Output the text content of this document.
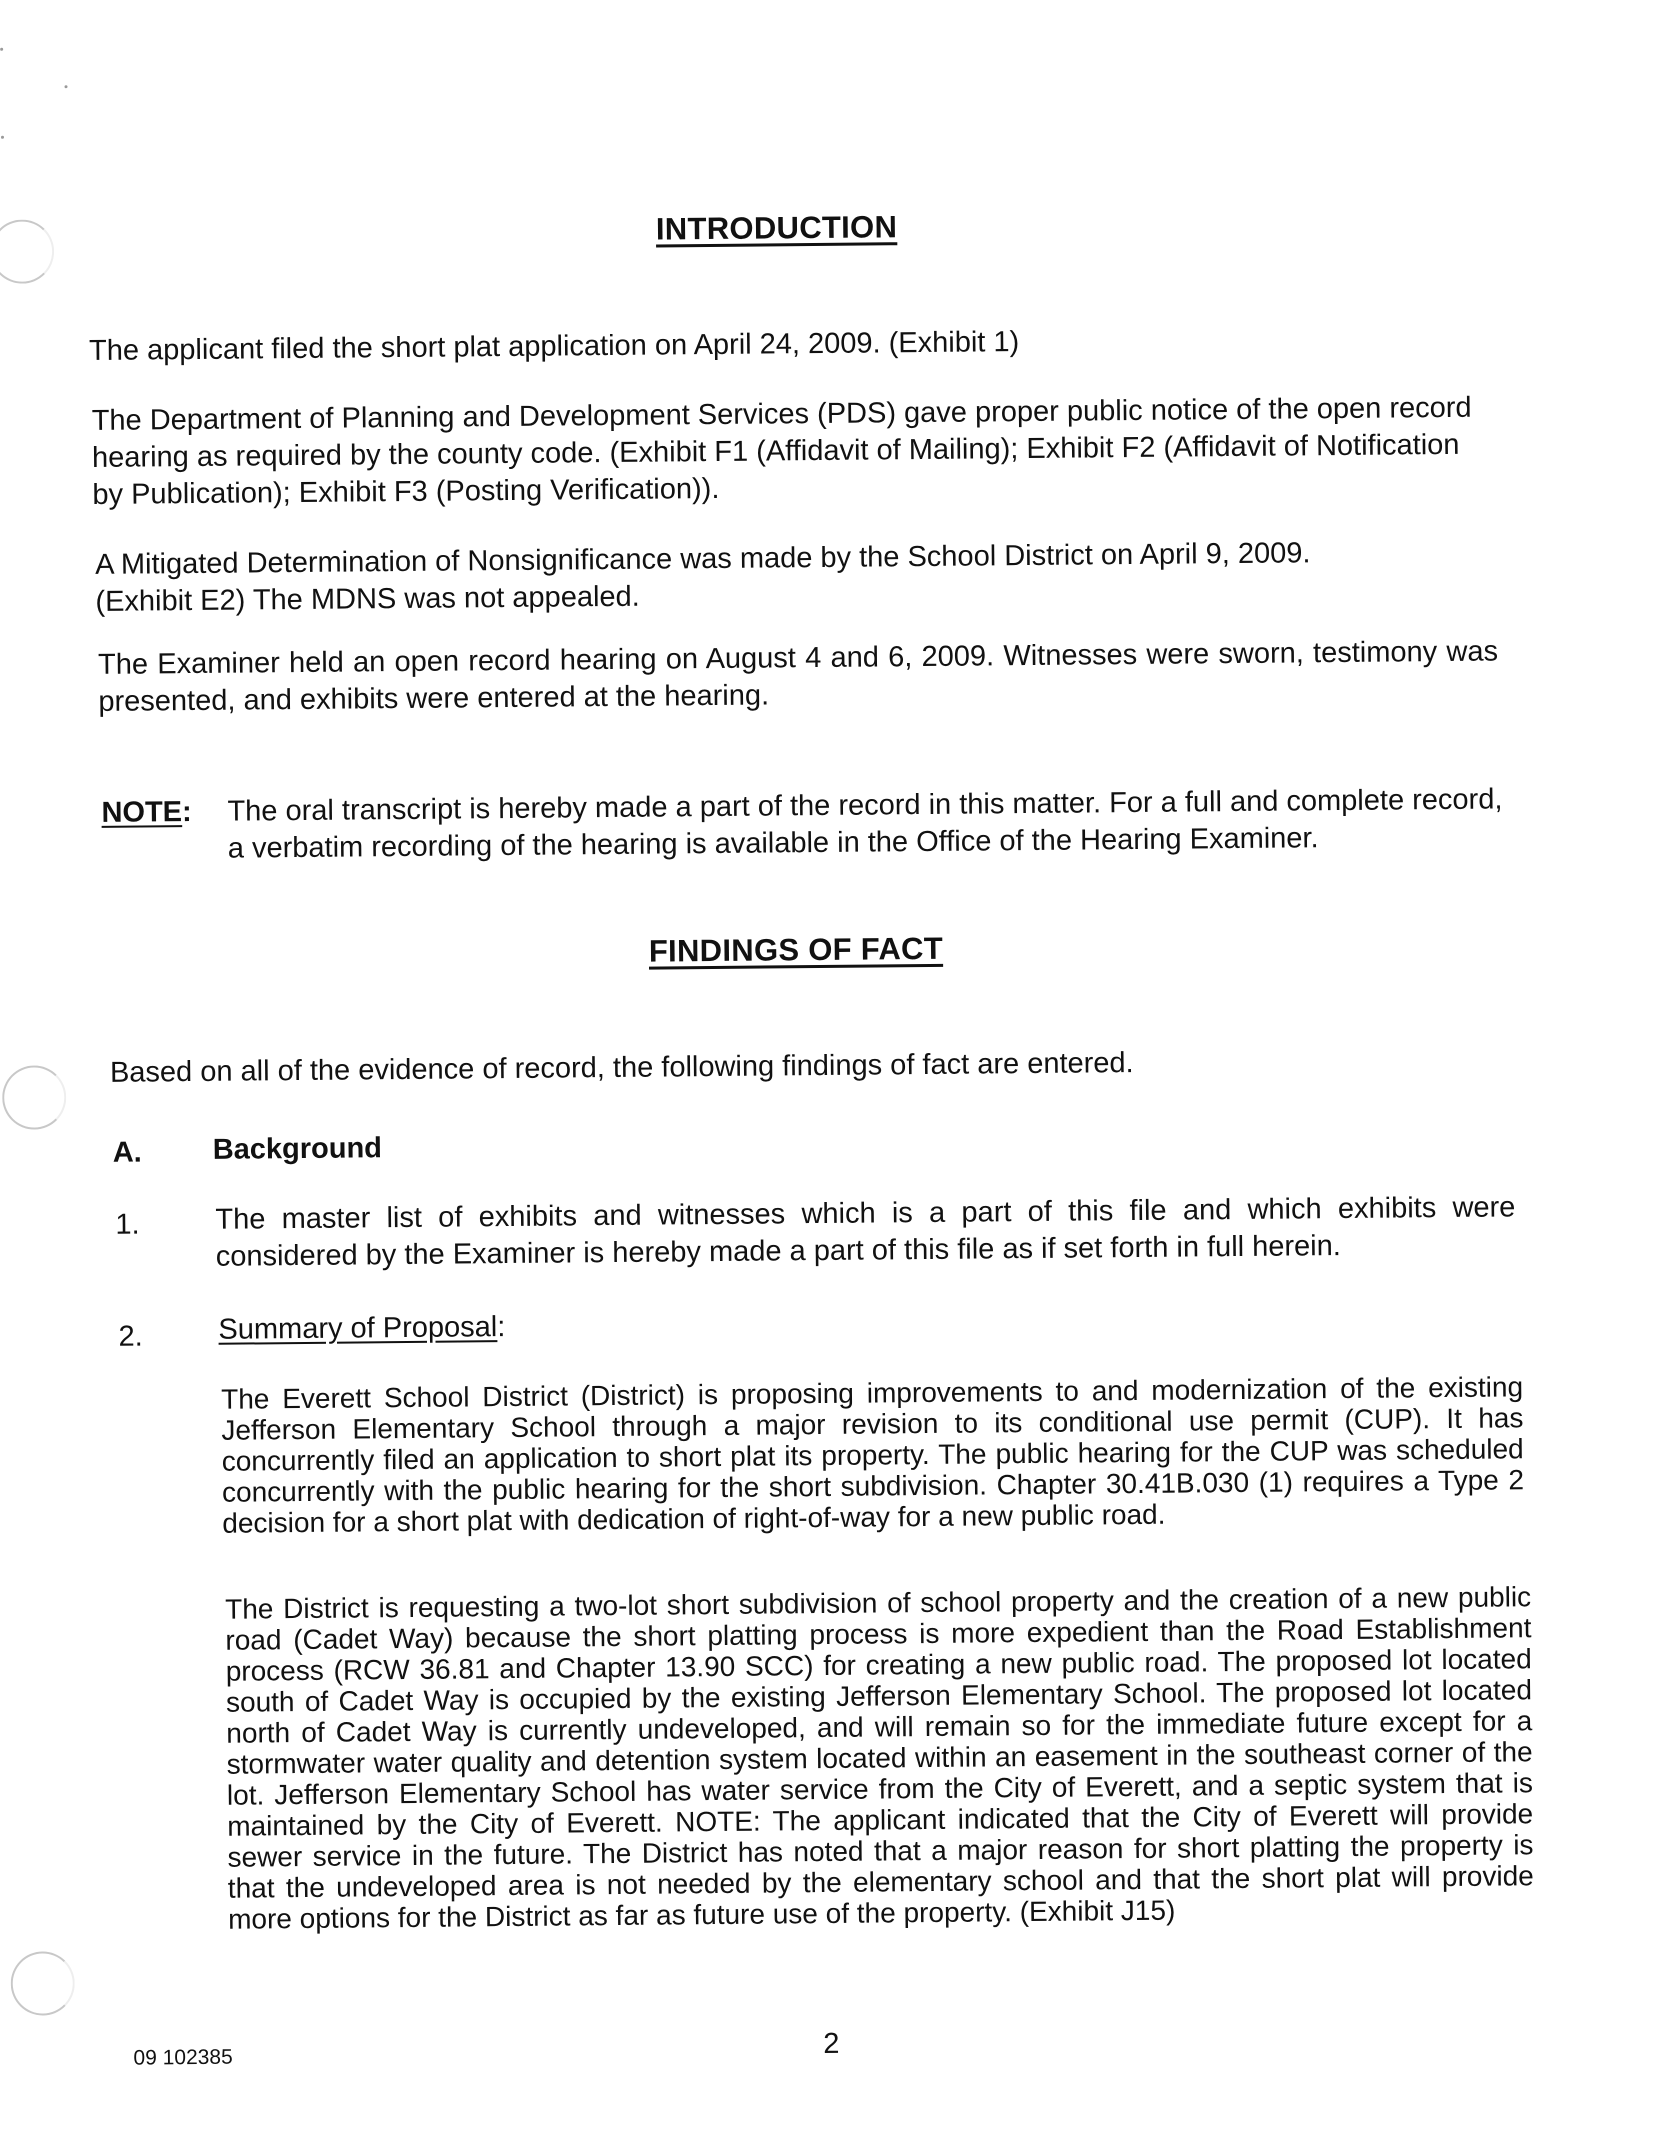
INTRODUCTION

The applicant filed the short plat application on April 24, 2009. (Exhibit 1)

The Department of Planning and Development Services (PDS) gave proper public notice of the open record hearing as required by the county code. (Exhibit F1 (Affidavit of Mailing); Exhibit F2 (Affidavit of Notification by Publication); Exhibit F3 (Posting Verification)).

A Mitigated Determination of Nonsignificance was made by the School District on April 9, 2009. (Exhibit E2) The MDNS was not appealed.

The Examiner held an open record hearing on August 4 and 6, 2009. Witnesses were sworn, testimony was presented, and exhibits were entered at the hearing.

NOTE: The oral transcript is hereby made a part of the record in this matter. For a full and complete record, a verbatim recording of the hearing is available in the Office of the Hearing Examiner.

FINDINGS OF FACT

Based on all of the evidence of record, the following findings of fact are entered.

A. Background
1.	The master list of exhibits and witnesses which is a part of this file and which exhibits were considered by the Examiner is hereby made a part of this file as if set forth in full herein.

2.	Summary of Proposal:

The Everett School District (District) is proposing improvements to and modernization of the existing Jefferson Elementary School through a major revision to its conditional use permit (CUP). It has concurrently filed an application to short plat its property. The public hearing for the CUP was scheduled concurrently with the public hearing for the short subdivision. Chapter 30.41B.030 (1) requires a Type 2 decision for a short plat with dedication of right-of-way for a new public road.

The District is requesting a two-lot short subdivision of school property and the creation of a new public road (Cadet Way) because the short platting process is more expedient than the Road Establishment process (RCW 36.81 and Chapter 13.90 SCC) for creating a new public road. The proposed lot located south of Cadet Way is occupied by the existing Jefferson Elementary School. The proposed lot located north of Cadet Way is currently undeveloped, and will remain so for the immediate future except for a stormwater water quality and detention system located within an easement in the southeast corner of the lot. Jefferson Elementary School has water service from the City of Everett, and a septic system that is maintained by the City of Everett. NOTE: The applicant indicated that the City of Everett will provide sewer service in the future. The District has noted that a major reason for short platting the property is that the undeveloped area is not needed by the elementary school and that the short plat will provide more options for the District as far as future use of the property. (Exhibit J15)

09 102385	2
